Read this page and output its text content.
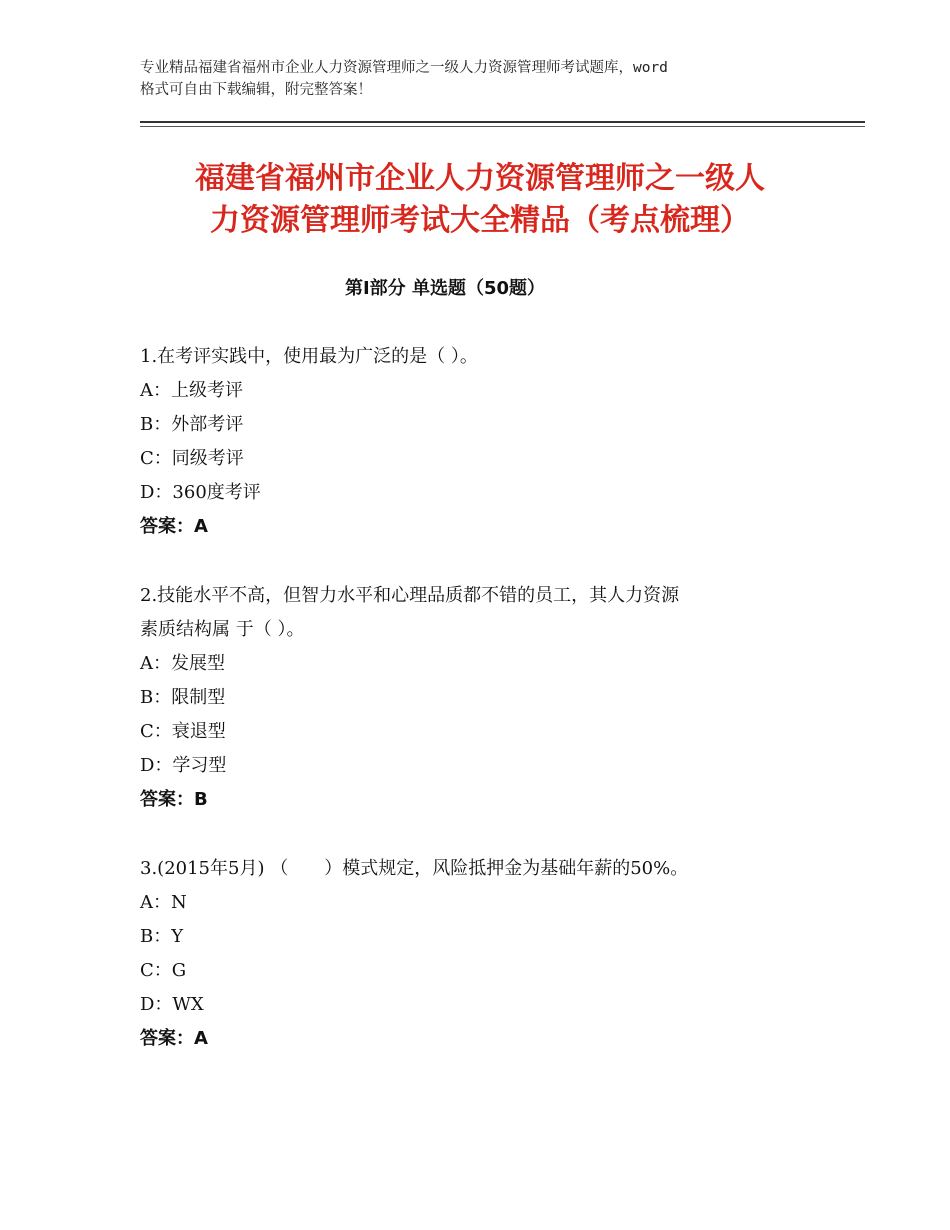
专业精品福建省福州市企业人力资源管理师之一级人力资源管理师考试题库，word
格式可自由下载编辑，附完整答案！
福建省福州市企业人力资源管理师之一级人
力资源管理师考试大全精品（考点梳理）
第Ⅰ部分 单选题（50题）
1.在考评实践中，使用最为广泛的是（ ）。
A：上级考评
B：外部考评
C：同级考评
D：360度考评
答案：A
2.技能水平不高，但智力水平和心理品质都不错的员工，其人力资源
素质结构属 于（ ）。
A：发展型
B：限制型
C：衰退型
D：学习型
答案：B
3.(2015年5月) （　　）模式规定，风险抵押金为基础年薪的50%。
A：N
B：Y
C：G
D：WX
答案：A
